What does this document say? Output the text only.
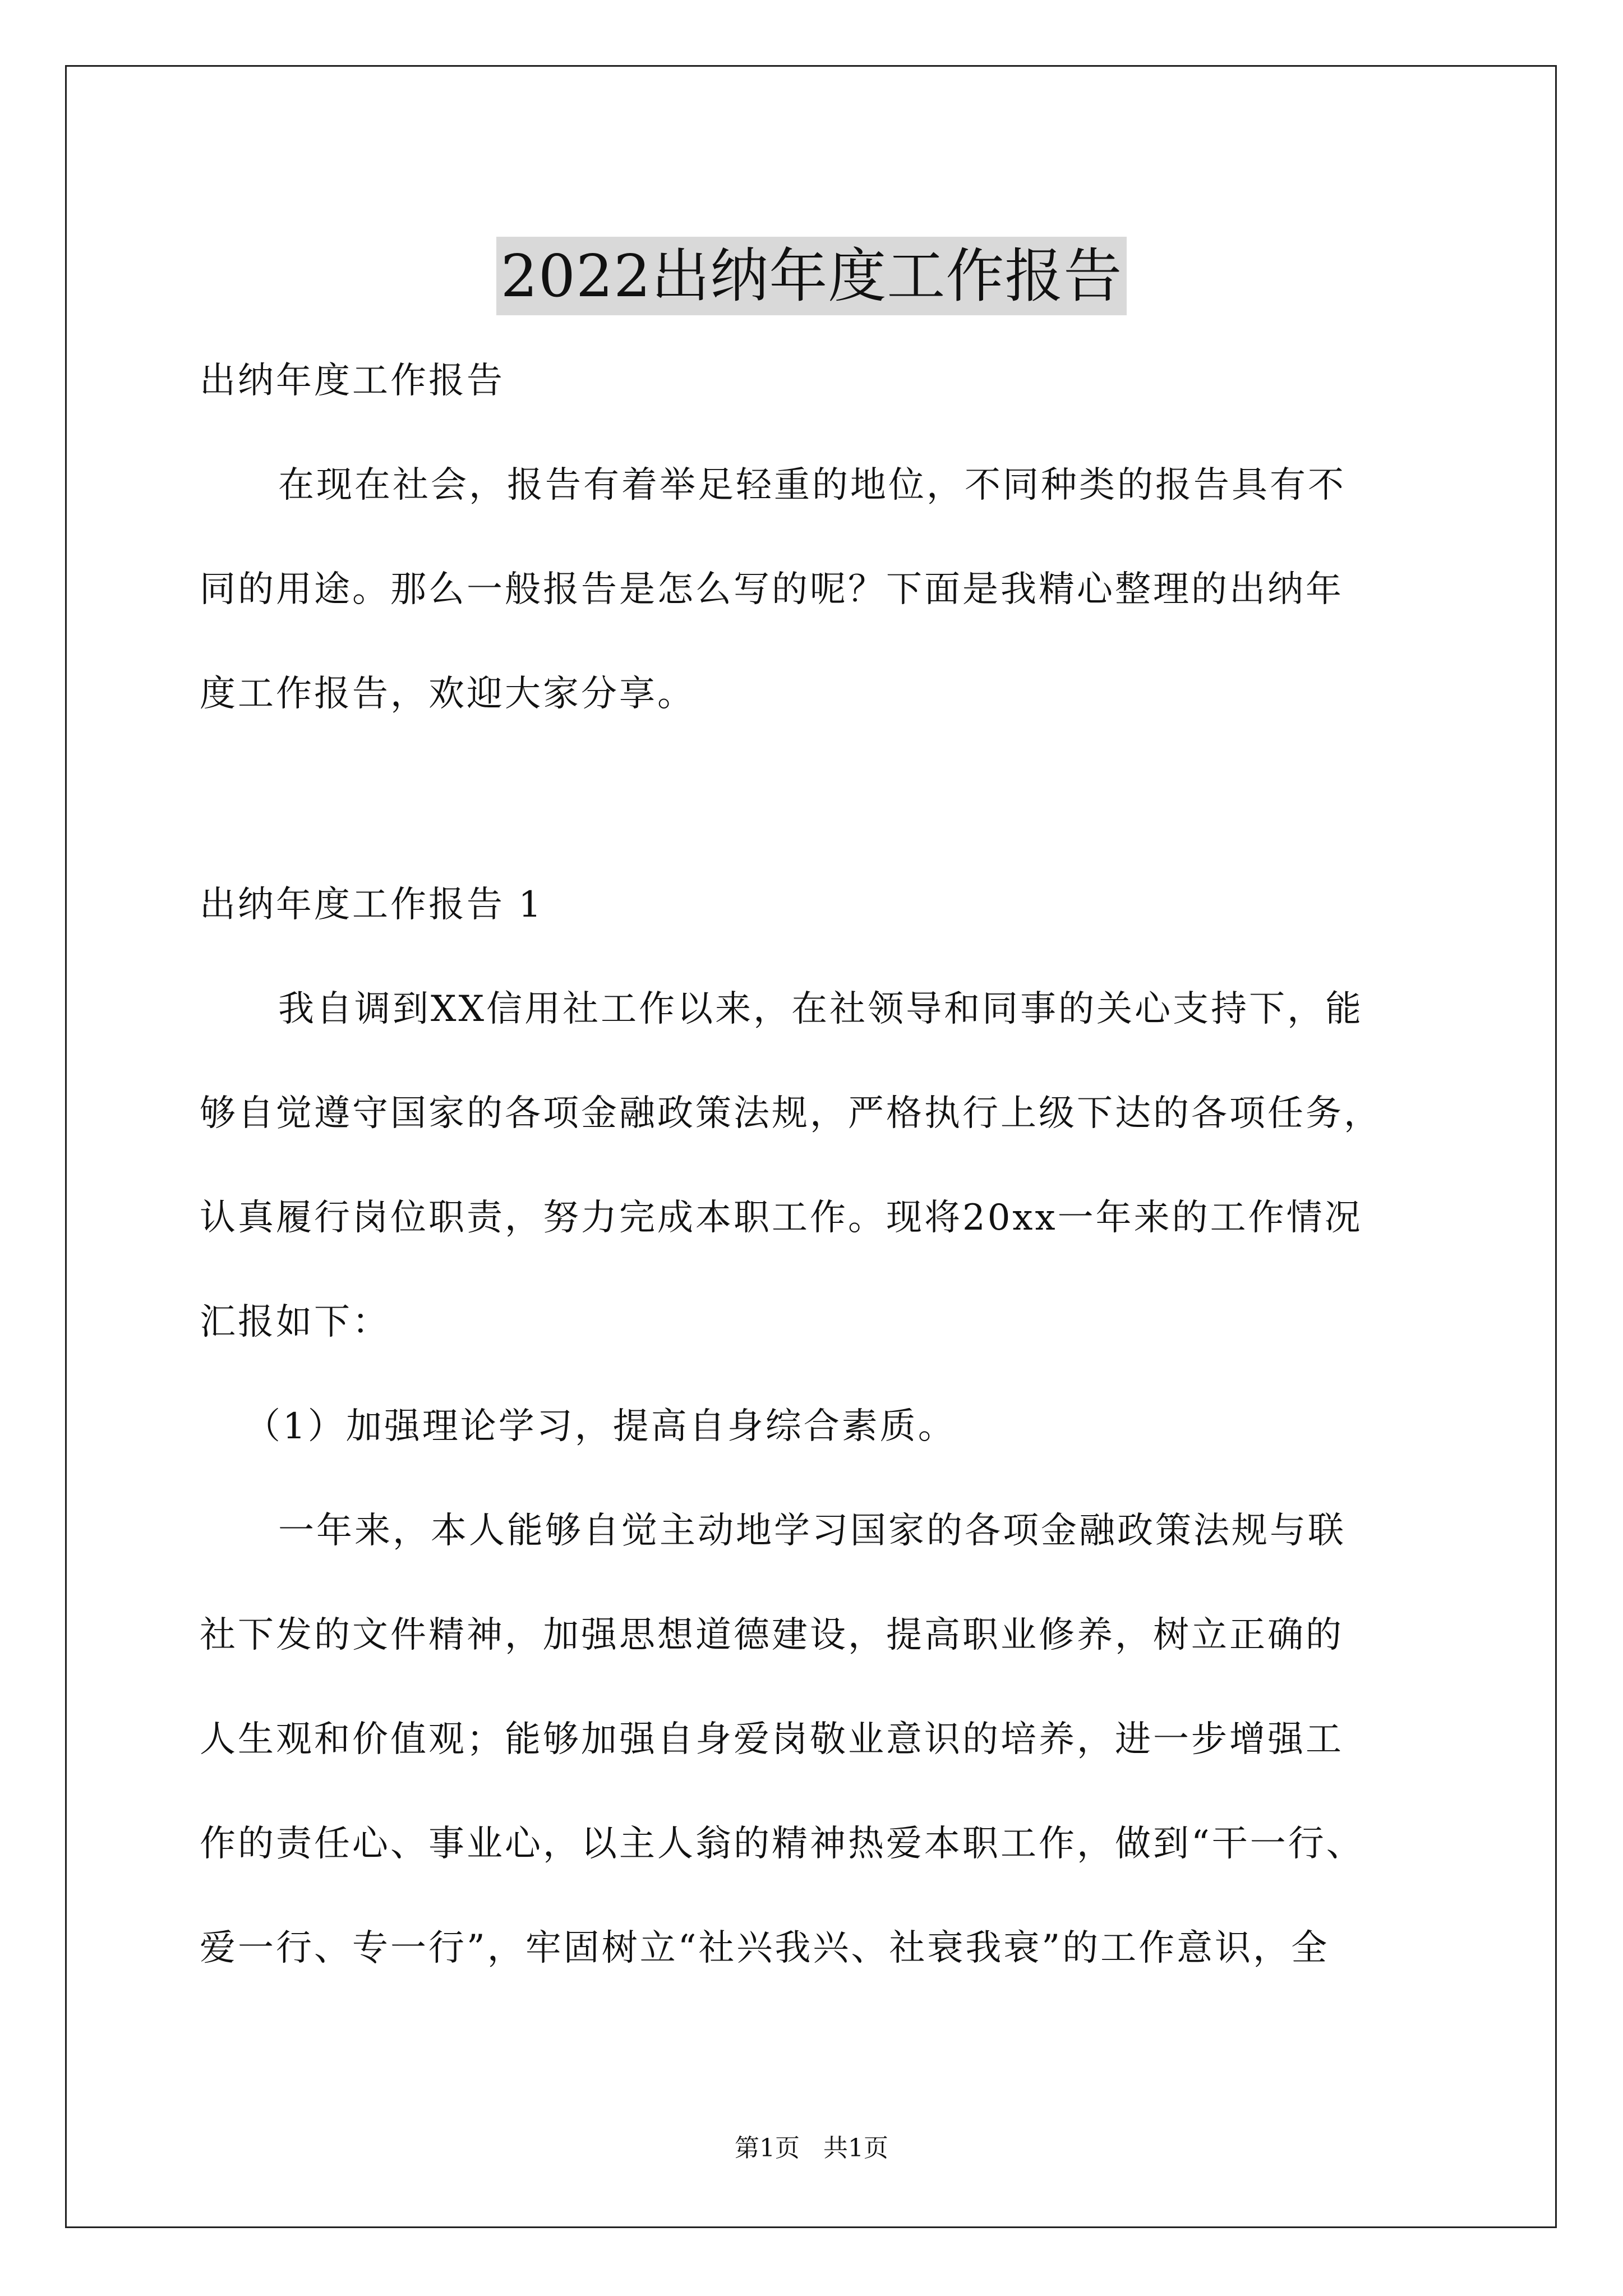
2022出纳年度工作报告
出纳年度工作报告
在现在社会，报告有着举足轻重的地位，不同种类的报告具有不
同的用途。那么一般报告是怎么写的呢？下面是我精心整理的出纳年
度工作报告，欢迎大家分享。
出纳年度工作报告 1
我自调到XX信用社工作以来，在社领导和同事的关心支持下，能
够自觉遵守国家的各项金融政策法规，严格执行上级下达的各项任务，
认真履行岗位职责，努力完成本职工作。现将20xx一年来的工作情况
汇报如下：
（1）加强理论学习，提高自身综合素质。
一年来，本人能够自觉主动地学习国家的各项金融政策法规与联
社下发的文件精神，加强思想道德建设，提高职业修养，树立正确的
人生观和价值观；能够加强自身爱岗敬业意识的培养，进一步增强工
作的责任心、事业心，以主人翁的精神热爱本职工作，做到“干一行、
爱一行、专一行”，牢固树立“社兴我兴、社衰我衰”的工作意识，全
第1页 共1页
